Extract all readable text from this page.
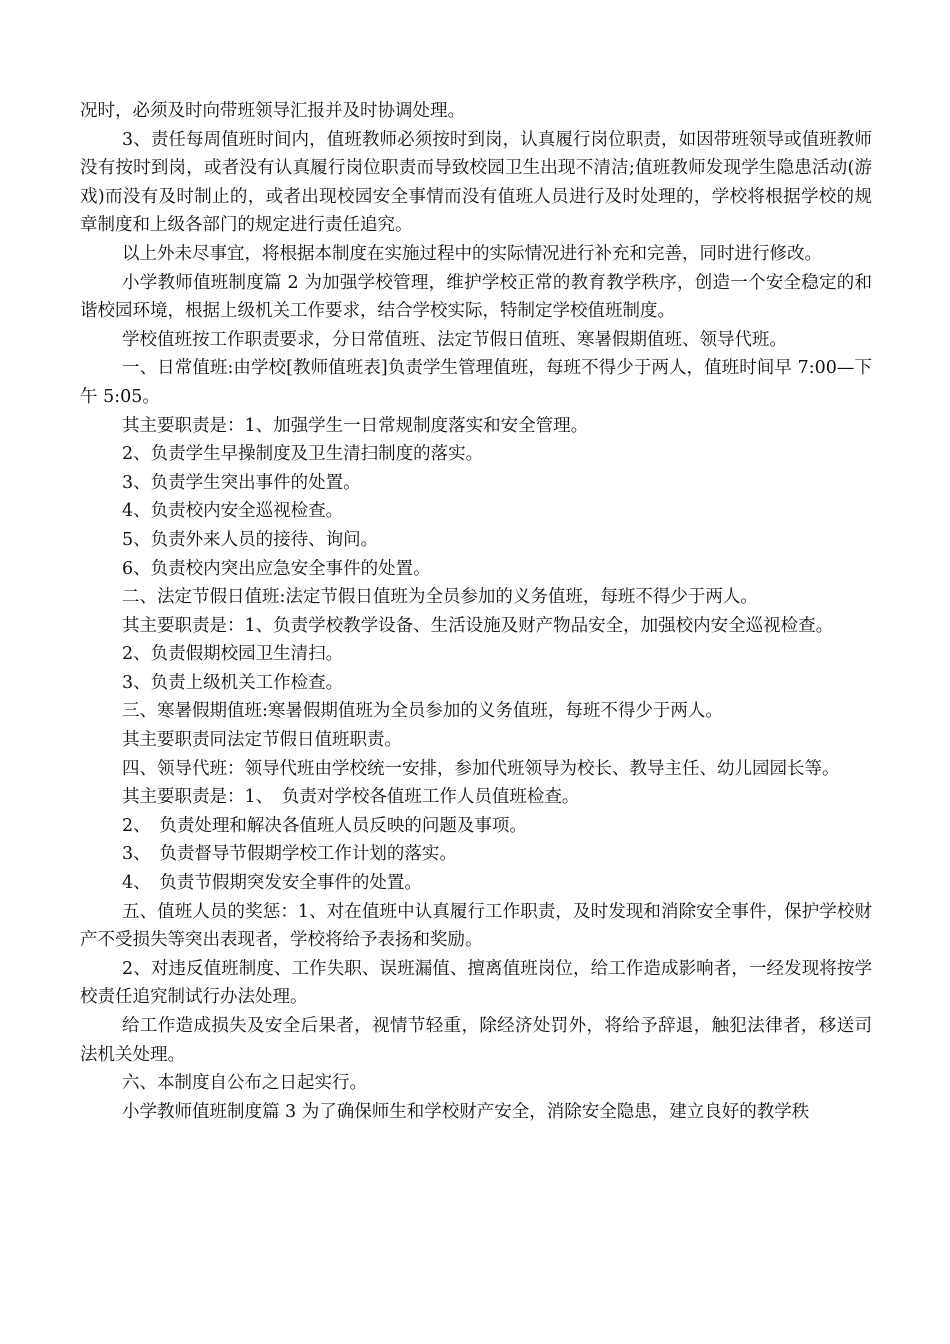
况时，必须及时向带班领导汇报并及时协调处理。

3、责任每周值班时间内，值班教师必须按时到岗，认真履行岗位职责，如因带班领导或值班教师没有按时到岗，或者没有认真履行岗位职责而导致校园卫生出现不清洁;值班教师发现学生隐患活动(游戏)而没有及时制止的，或者出现校园安全事情而没有值班人员进行及时处理的，学校将根据学校的规章制度和上级各部门的规定进行责任追究。

以上外未尽事宜，将根据本制度在实施过程中的实际情况进行补充和完善，同时进行修改。

小学教师值班制度篇 2 为加强学校管理，维护学校正常的教育教学秩序，创造一个安全稳定的和谐校园环境，根据上级机关工作要求，结合学校实际，特制定学校值班制度。

学校值班按工作职责要求，分日常值班、法定节假日值班、寒暑假期值班、领导代班。

一、日常值班:由学校[教师值班表]负责学生管理值班，每班不得少于两人，值班时间早 7:00—下午 5:05。

其主要职责是：1、加强学生一日常规制度落实和安全管理。

2、负责学生早操制度及卫生清扫制度的落实。

3、负责学生突出事件的处置。

4、负责校内安全巡视检查。

5、负责外来人员的接待、询问。

6、负责校内突出应急安全事件的处置。

二、法定节假日值班:法定节假日值班为全员参加的义务值班，每班不得少于两人。

其主要职责是：1、负责学校教学设备、生活设施及财产物品安全，加强校内安全巡视检查。

2、负责假期校园卫生清扫。

3、负责上级机关工作检查。

三、寒暑假期值班:寒暑假期值班为全员参加的义务值班，每班不得少于两人。

其主要职责同法定节假日值班职责。

四、领导代班：领导代班由学校统一安排，参加代班领导为校长、教导主任、幼儿园园长等。

其主要职责是：1、　负责对学校各值班工作人员值班检查。

2、　负责处理和解决各值班人员反映的问题及事项。

3、　负责督导节假期学校工作计划的落实。

4、　负责节假期突发安全事件的处置。

五、值班人员的奖惩：1、对在值班中认真履行工作职责，及时发现和消除安全事件，保护学校财产不受损失等突出表现者，学校将给予表扬和奖励。

2、对违反值班制度、工作失职、误班漏值、擅离值班岗位，给工作造成影响者，一经发现将按学校责任追究制试行办法处理。

给工作造成损失及安全后果者，视情节轻重，除经济处罚外，将给予辞退，触犯法律者，移送司法机关处理。

六、本制度自公布之日起实行。

小学教师值班制度篇 3 为了确保师生和学校财产安全，消除安全隐患，建立良好的教学秩
